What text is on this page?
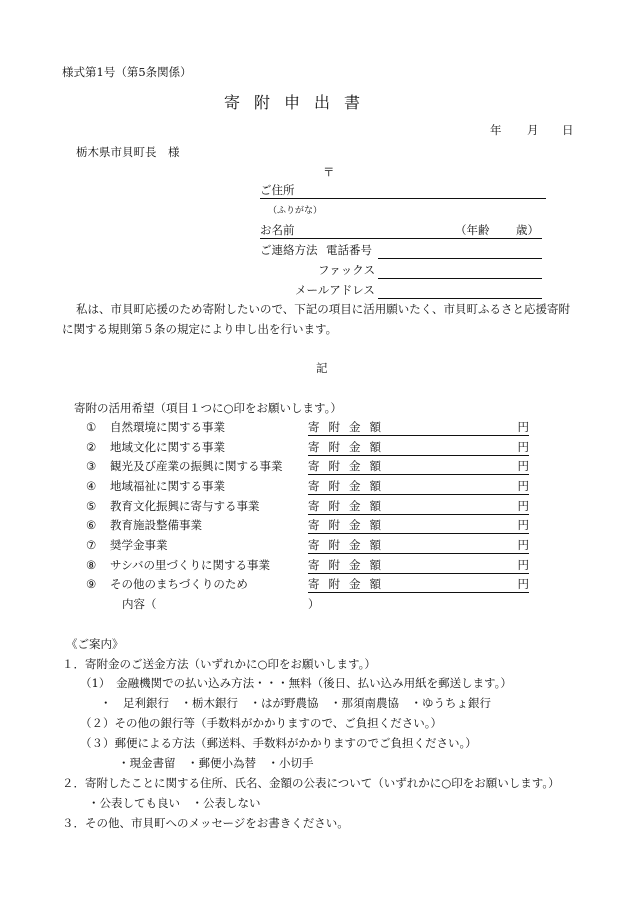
様式第1号（第5条関係）
寄附申出書
年 月 日
栃木県市貝町長　様
〒
ご住所
（ふりがな）
お名前	（年齢 歳）
ご連絡方法 電話番号
ファックス
メールアドレス
私は、市貝町応援のため寄附したいので、下記の項目に活用願いたく、市貝町ふるさと応援寄附
に関する規則第５条の規定により申し出を行います。
記
寄附の活用希望（項目１つに○印をお願いします。）
① 自然環境に関する事業	寄附金額	円
② 地域文化に関する事業	寄附金額	円
③ 観光及び産業の振興に関する事業 寄附金額	円
④ 地域福祉に関する事業	寄附金額	円
⑤ 教育文化振興に寄与する事業	寄附金額	円
⑥ 教育施設整備事業	寄附金額	円
⑦ 奨学金事業	寄附金額	円
⑧ サシバの里づくりに関する事業	寄附金額	円
⑨ その他のまちづくりのため	寄附金額	円
内容（	）
《ご案内》
１．寄附金のご送金方法（いずれかに○印をお願いします。）
（1）　金融機関での払い込み方法・・・無料（後日、払い込み用紙を郵送します。）
・　足利銀行　・栃木銀行　・はが野農協　・那須南農協　・ゆうちょ銀行
（２）その他の銀行等（手数料がかかりますので、ご負担ください。）
（３）郵便による方法（郵送料、手数料がかかりますのでご負担ください。）
・現金書留　・郵便小為替　・小切手
２．寄附したことに関する住所、氏名、金額の公表について（いずれかに○印をお願いします。）
・公表しても良い　・公表しない
３．その他、市貝町へのメッセージをお書きください。
